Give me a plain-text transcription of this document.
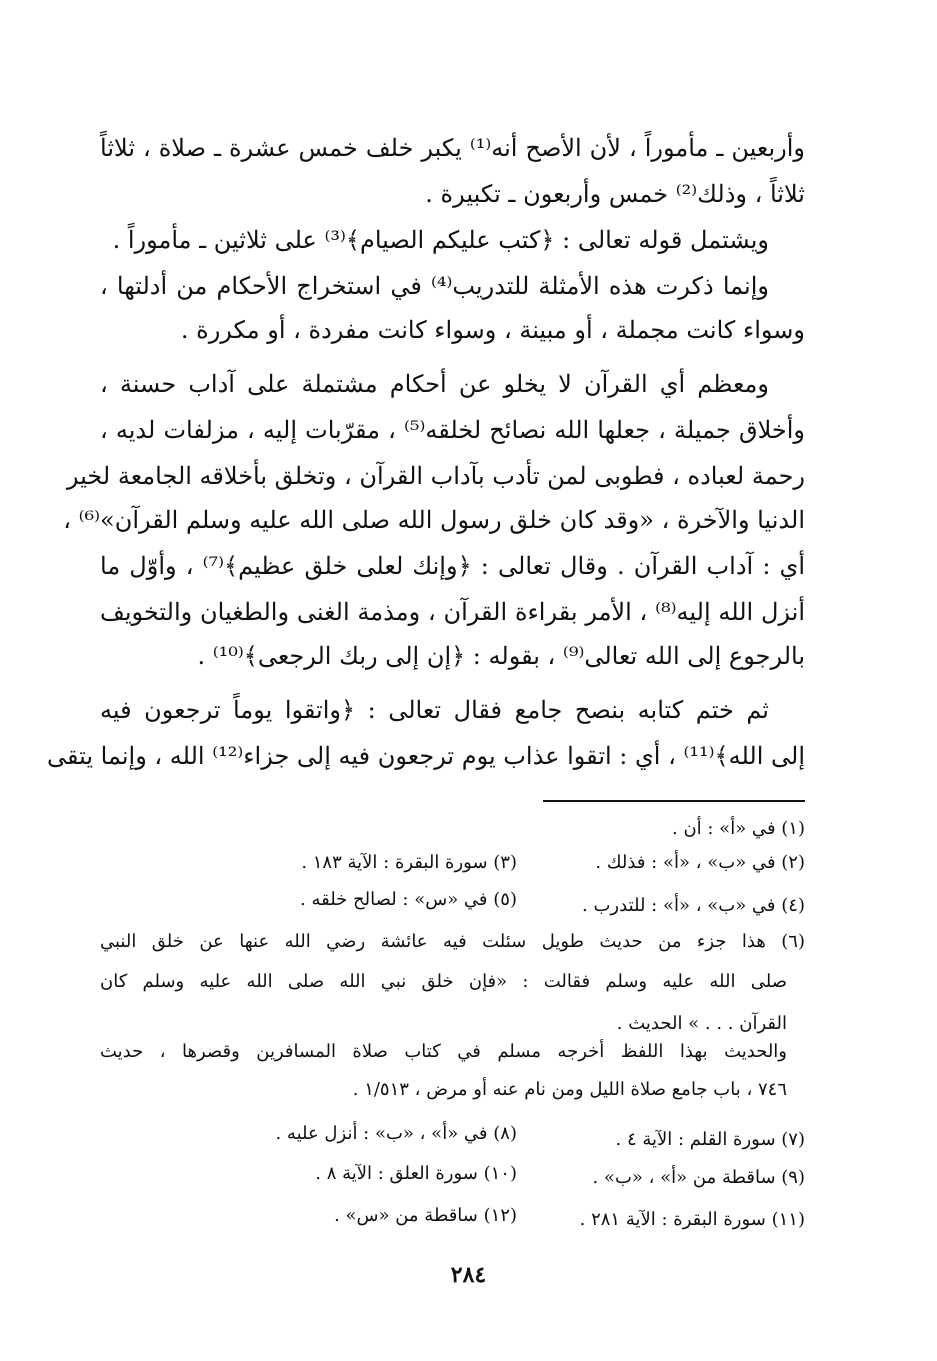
وأربعين ـ مأموراً ، لأن الأصح أنه⁽¹⁾ يكبر خلف خمس عشرة ـ صلاة ، ثلاثاً
ثلاثاً ، وذلك⁽²⁾ خمس وأربعون ـ تكبيرة .
ويشتمل قوله تعالى : ﴿كتب عليكم الصيام﴾⁽³⁾ على ثلاثين ـ مأموراً .
وإنما ذكرت هذه الأمثلة للتدريب⁽⁴⁾ في استخراج الأحكام من أدلتها ،
وسواء كانت مجملة ، أو مبينة ، وسواء كانت مفردة ، أو مكررة .
ومعظم أي القرآن لا يخلو عن أحكام مشتملة على آداب حسنة ،
وأخلاق جميلة ، جعلها الله نصائح لخلقه⁽⁵⁾ ، مقرّبات إليه ، مزلفات لديه ،
رحمة لعباده ، فطوبى لمن تأدب بآداب القرآن ، وتخلق بأخلاقه الجامعة لخير
الدنيا والآخرة ، «وقد كان خلق رسول الله صلى الله عليه وسلم القرآن»⁽⁶⁾ ،
أي : آداب القرآن . وقال تعالى : ﴿وإنك لعلى خلق عظيم﴾⁽⁷⁾ ، وأوّل ما
أنزل الله إليه⁽⁸⁾ ، الأمر بقراءة القرآن ، ومذمة الغنى والطغيان والتخويف
بالرجوع إلى الله تعالى⁽⁹⁾ ، بقوله : ﴿إن إلى ربك الرجعى﴾⁽¹⁰⁾ .
ثم ختم كتابه بنصح جامع فقال تعالى : ﴿واتقوا يوماً ترجعون فيه
إلى الله﴾⁽¹¹⁾ ، أي : اتقوا عذاب يوم ترجعون فيه إلى جزاء⁽¹²⁾ الله ، وإنما يتقى
(١) في «أ» : أن .
(٢) في «ب» ، «أ» : فذلك .
(٣) سورة البقرة : الآية ١٨٣ .
(٤) في «ب» ، «أ» : للتدرب .
(٥) في «س» : لصالح خلقه .
(٦) هذا جزء من حديث طويل سئلت فيه عائشة رضي الله عنها عن خلق النبي
صلى الله عليه وسلم فقالت : «فإن خلق نبي الله صلى الله عليه وسلم كان
القرآن . . . » الحديث .
والحديث بهذا اللفظ أخرجه مسلم في كتاب صلاة المسافرين وقصرها ، حديث
٧٤٦ ، باب جامع صلاة الليل ومن نام عنه أو مرض ، ١/٥١٣ .
(٧) سورة القلم : الآية ٤ .
(٨) في «أ» ، «ب» : أنزل عليه .
(٩) ساقطة من «أ» ، «ب» .
(١٠) سورة العلق : الآية ٨ .
(١١) سورة البقرة : الآية ٢٨١ .
(١٢) ساقطة من «س» .
٢٨٤
